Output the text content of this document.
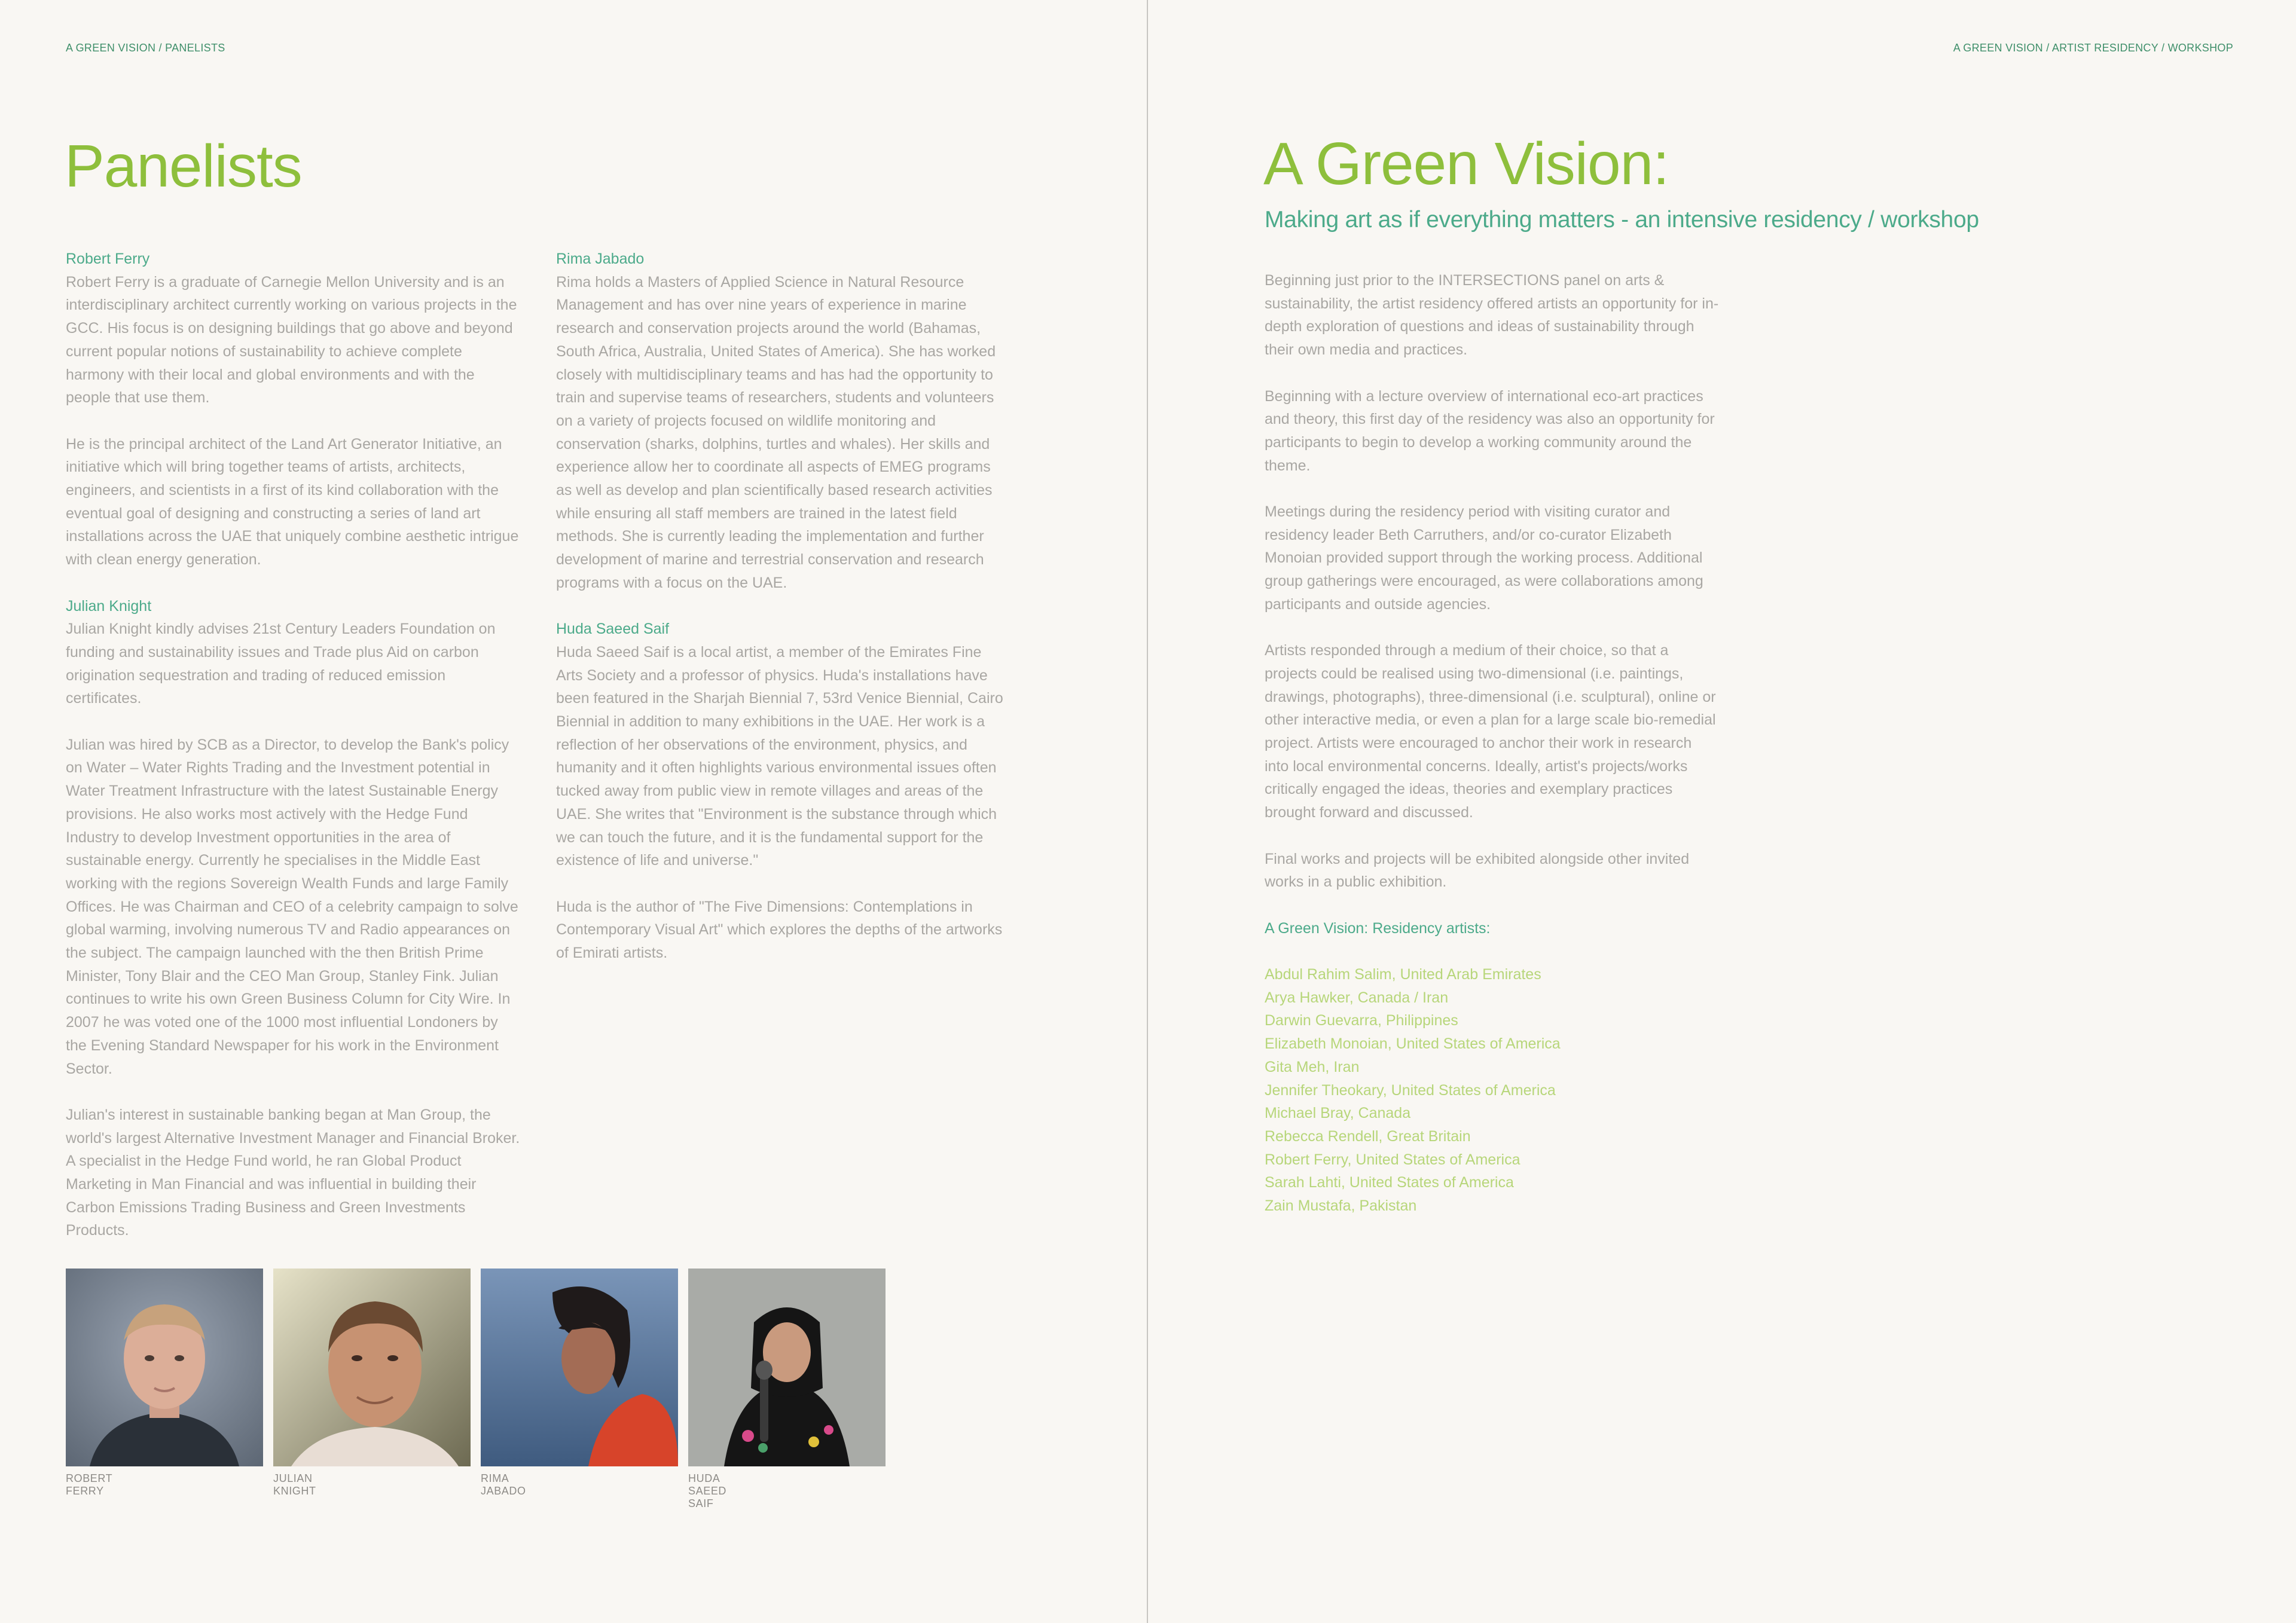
A GREEN VISION / PANELISTS
Panelists
Robert Ferry

Robert Ferry is a graduate of Carnegie Mellon University and is an interdisciplinary architect currently working on various projects in the GCC. His focus is on designing buildings that go above and beyond current popular notions of sustainability to achieve complete harmony with their local and global environments and with the people that use them.

He is the principal architect of the Land Art Generator Initiative, an initiative which will bring together teams of artists, architects, engineers, and scientists in a first of its kind collaboration with the eventual goal of designing and constructing a series of land art installations across the UAE that uniquely combine aesthetic intrigue with clean energy generation.

Julian Knight

Julian Knight kindly advises 21st Century Leaders Foundation on funding and sustainability issues and Trade plus Aid on carbon origination sequestration and trading of reduced emission certificates.

Julian was hired by SCB as a Director, to develop the Bank's policy on Water – Water Rights Trading and the Investment potential in Water Treatment Infrastructure with the latest Sustainable Energy provisions. He also works most actively with the Hedge Fund Industry to develop Investment opportunities in the area of sustainable energy. Currently he specialises in the Middle East working with the regions Sovereign Wealth Funds and large Family Offices. He was Chairman and CEO of a celebrity campaign to solve global warming, involving numerous TV and Radio appearances on the subject. The campaign launched with the then British Prime Minister, Tony Blair and the CEO Man Group, Stanley Fink. Julian continues to write his own Green Business Column for City Wire. In 2007 he was voted one of the 1000 most influential Londoners by the Evening Standard Newspaper for his work in the Environment Sector.

Julian's interest in sustainable banking began at Man Group, the world's largest Alternative Investment Manager and Financial Broker. A specialist in the Hedge Fund world, he ran Global Product Marketing in Man Financial and was influential in building their Carbon Emissions Trading Business and Green Investments Products.

Rima Jabado

Rima holds a Masters of Applied Science in Natural Resource Management and has over nine years of experience in marine research and conservation projects around the world (Bahamas, South Africa, Australia, United States of America). She has worked closely with multidisciplinary teams and has had the opportunity to train and supervise teams of researchers, students and volunteers on a variety of projects focused on wildlife monitoring and conservation (sharks, dolphins, turtles and whales). Her skills and experience allow her to coordinate all aspects of EMEG programs as well as develop and plan scientifically based research activities while ensuring all staff members are trained in the latest field methods. She is currently leading the implementation and further development of marine and terrestrial conservation and research programs with a focus on the UAE.

Huda Saeed Saif

Huda Saeed Saif is a local artist, a member of the Emirates Fine Arts Society and a professor of physics. Huda's installations have been featured in the Sharjah Biennial 7, 53rd Venice Biennial, Cairo Biennial in addition to many exhibitions in the UAE. Her work is a reflection of her observations of the environment, physics, and humanity and it often highlights various environmental issues often tucked away from public view in remote villages and areas of the UAE. She writes that "Environment is the substance through which we can touch the future, and it is the fundamental support for the existence of life and universe."

Huda is the author of "The Five Dimensions: Contemplations in Contemporary Visual Art" which explores the depths of the artworks of Emirati artists.

ROBERT FERRY
JULIAN KNIGHT
RIMA JABADO
HUDA SAEED SAIF
A GREEN VISION / ARTIST RESIDENCY / WORKSHOP
A Green Vision:
Making art as if everything matters - an intensive residency / workshop

Beginning just prior to the INTERSECTIONS panel on arts & sustainability, the artist residency offered artists an opportunity for in-depth exploration of questions and ideas of sustainability through their own media and practices.

Beginning with a lecture overview of international eco-art practices and theory, this first day of the residency was also an opportunity for participants to begin to develop a working community around the theme.

Meetings during the residency period with visiting curator and residency leader Beth Carruthers, and/or co-curator Elizabeth Monoian provided support through the working process. Additional group gatherings were encouraged, as were collaborations among participants and outside agencies.

Artists responded through a medium of their choice, so that a projects could be realised using two-dimensional (i.e. paintings, drawings, photographs), three-dimensional (i.e. sculptural), online or other interactive media, or even a plan for a large scale bio-remedial project. Artists were encouraged to anchor their work in research into local environmental concerns. Ideally, artist's projects/works critically engaged the ideas, theories and exemplary practices brought forward and discussed.

Final works and projects will be exhibited alongside other invited works in a public exhibition.

A Green Vision: Residency artists:
Abdul Rahim Salim, United Arab Emirates
Arya Hawker, Canada / Iran
Darwin Guevarra, Philippines
Elizabeth Monoian, United States of America
Gita Meh, Iran
Jennifer Theokary, United States of America
Michael Bray, Canada
Rebecca Rendell, Great Britain
Robert Ferry, United States of America
Sarah Lahti, United States of America
Zain Mustafa, Pakistan
